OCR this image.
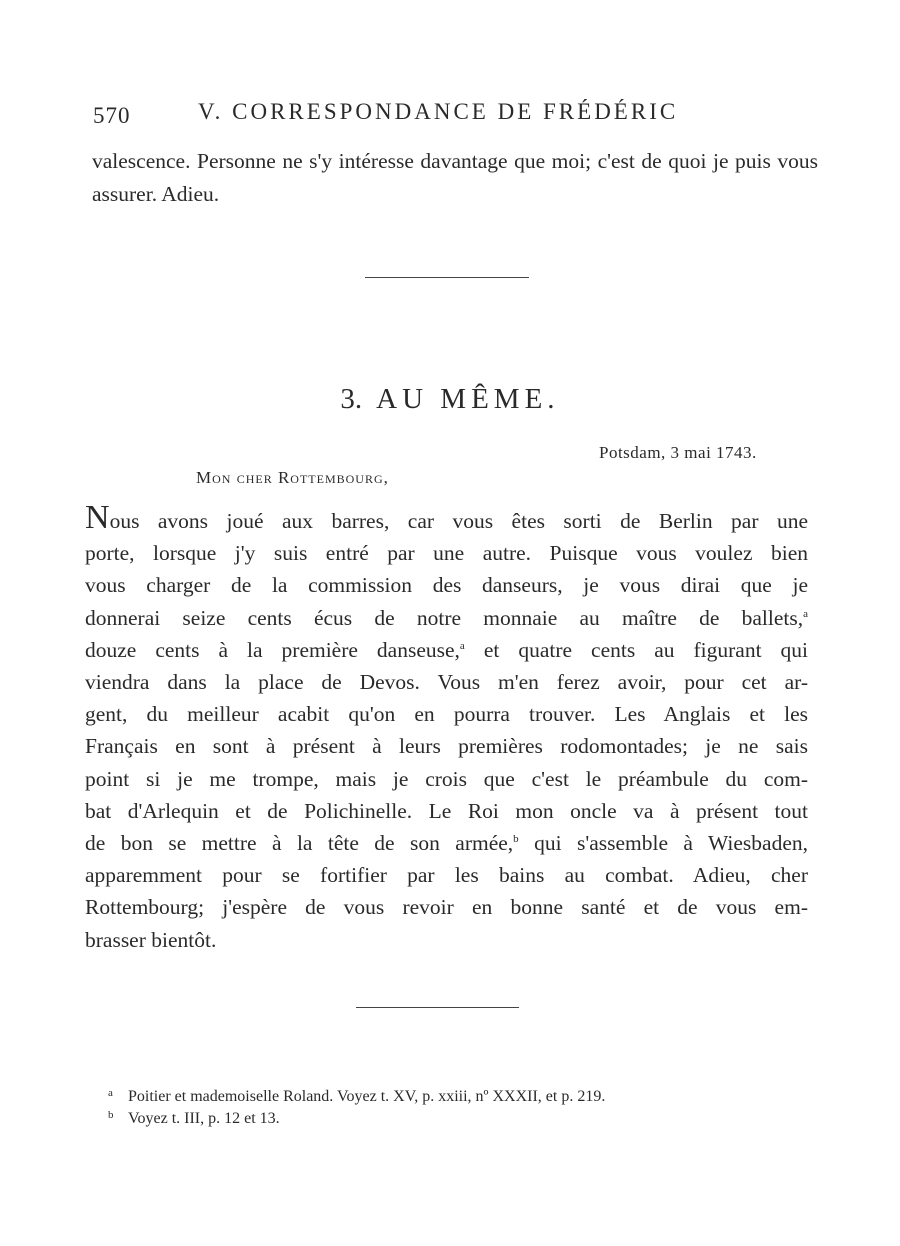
570	V. CORRESPONDANCE DE FRÉDÉRIC
valescence. Personne ne s'y intéresse davantage que moi; c'est de quoi je puis vous assurer. Adieu.
3. AU MÊME.
Potsdam, 3 mai 1743.
Mon cher Rottembourg,
Nous avons joué aux barres, car vous êtes sorti de Berlin par une
porte, lorsque j'y suis entré par une autre. Puisque vous voulez bien
vous charger de la commission des danseurs, je vous dirai que je
donnerai seize cents écus de notre monnaie au maître de ballets,$^a$
douze cents à la première danseuse,$^a$ et quatre cents au figurant qui
viendra dans la place de Devos. Vous m'en ferez avoir, pour cet ar-
gent, du meilleur acabit qu'on en pourra trouver. Les Anglais et les
Français en sont à présent à leurs premières rodomontades; je ne sais
point si je me trompe, mais je crois que c'est le préambule du com-
bat d'Arlequin et de Polichinelle. Le Roi mon oncle va à présent tout
de bon se mettre à la tête de son armée,$^b$ qui s'assemble à Wiesbaden,
apparemment pour se fortifier par les bains au combat. Adieu, cher
Rottembourg; j'espère de vous revoir en bonne santé et de vous em-
brasser bientôt.
a Poitier et mademoiselle Roland. Voyez t. XV, p. xxiii, nº XXXII, et p. 219.
b Voyez t. III, p. 12 et 13.
